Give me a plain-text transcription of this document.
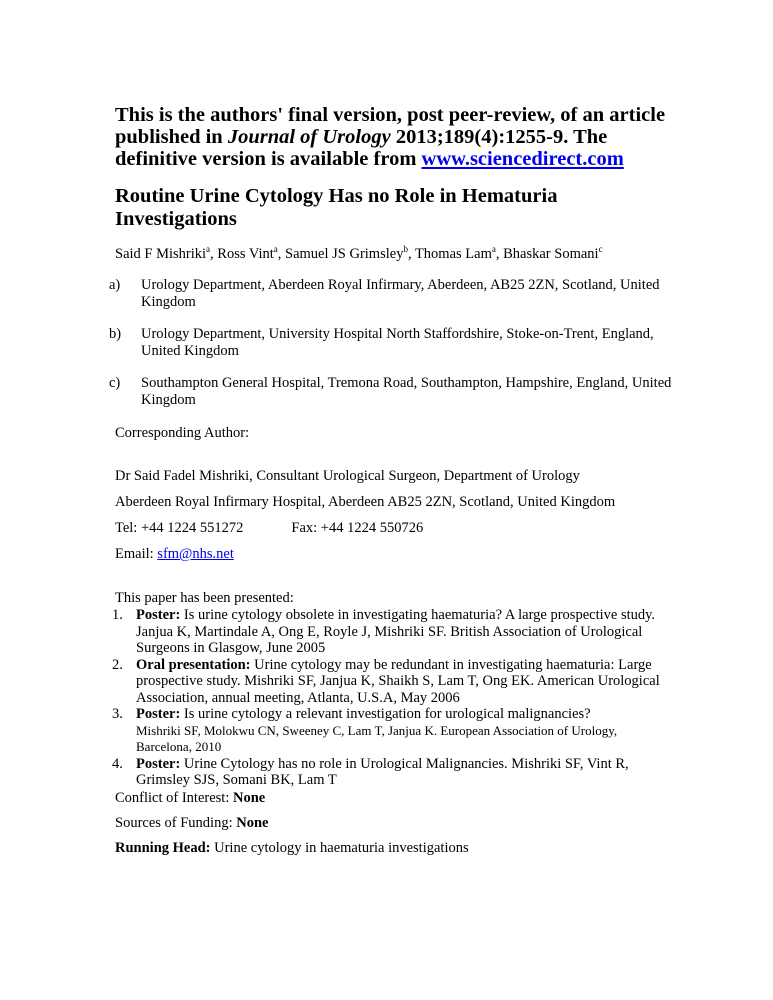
This is the authors' final version, post peer-review, of an article
published in Journal of Urology 2013;189(4):1255-9. The
definitive version is available from www.sciencedirect.com
Routine Urine Cytology Has no Role in Hematuria Investigations
Said F Mishriki$^a$, Ross Vint$^a$, Samuel JS Grimsley$^b$, Thomas Lam$^a$, Bhaskar Somani$^c$
a) Urology Department, Aberdeen Royal Infirmary, Aberdeen, AB25 2ZN, Scotland, United Kingdom
b) Urology Department, University Hospital North Staffordshire, Stoke-on-Trent, England, United Kingdom
c) Southampton General Hospital, Tremona Road, Southampton, Hampshire, England, United Kingdom

Corresponding Author:

Dr Said Fadel Mishriki, Consultant Urological Surgeon, Department of Urology

Aberdeen Royal Infirmary Hospital, Aberdeen AB25 2ZN, Scotland, United Kingdom

Tel: +44 1224 551272	Fax: +44 1224 550726

Email: sfm@nhs.net

This paper has been presented:

1. Poster: Is urine cytology obsolete in investigating haematuria? A large prospective study. Janjua K, Martindale A, Ong E, Royle J, Mishriki SF. British Association of Urological Surgeons in Glasgow, June 2005
2. Oral presentation: Urine cytology may be redundant in investigating haematuria: Large prospective study. Mishriki SF, Janjua K, Shaikh S, Lam T, Ong EK. American Urological Association, annual meeting, Atlanta, U.S.A, May 2006
3. Poster: Is urine cytology a relevant investigation for urological malignancies?
Mishriki SF, Molokwu CN, Sweeney C, Lam T, Janjua K. European Association of Urology, Barcelona, 2010
4. Poster: Urine Cytology has no role in Urological Malignancies. Mishriki SF, Vint R, Grimsley SJS, Somani BK, Lam T

Conflict of Interest: None

Sources of Funding: None

Running Head: Urine cytology in haematuria investigations
